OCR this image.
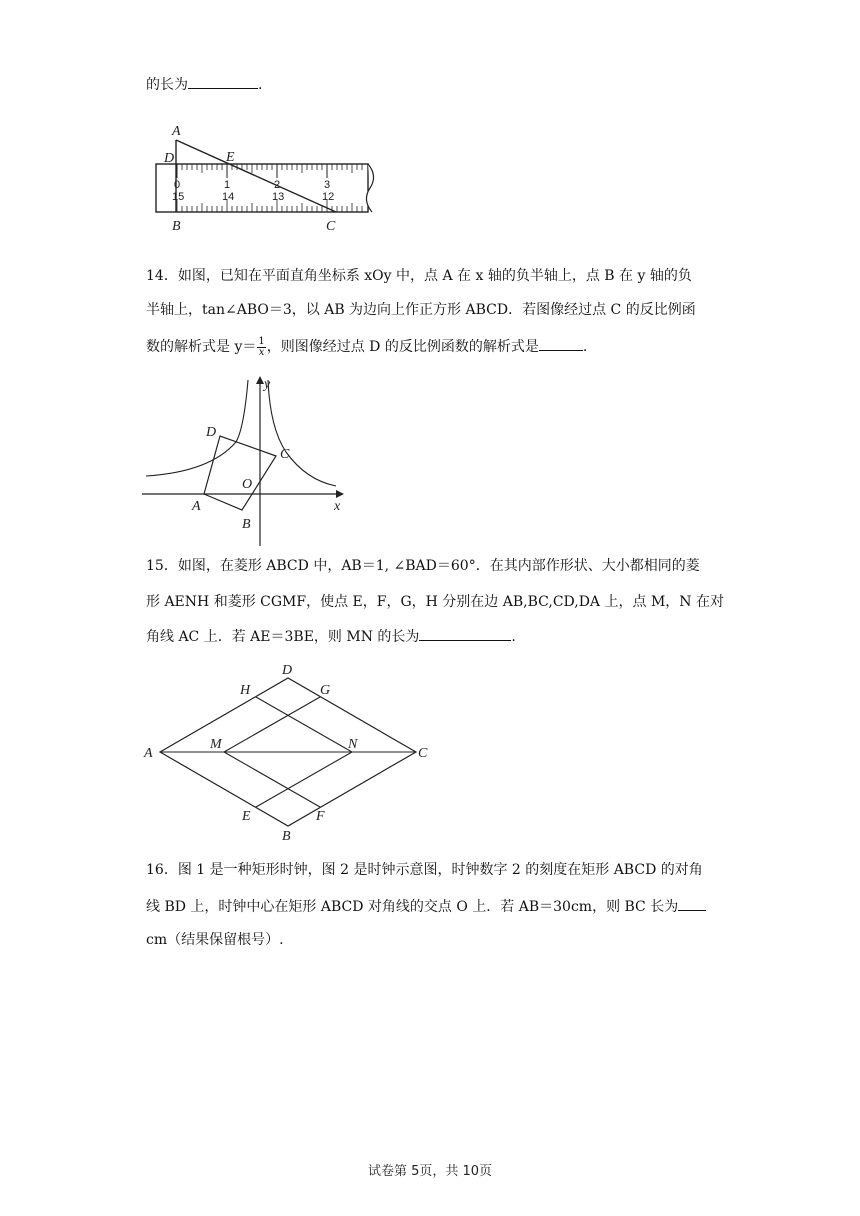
的长为	.
A
D	E
B	C
0	1	2	3
15	14	13	12
14．如图，已知在平面直角坐标系 xOy 中，点 A 在 x 轴的负半轴上，点 B 在 y 轴的负
半轴上，tan∠ABO＝3，以 AB 为边向上作正方形 ABCD．若图像经过点 C 的反比例函
数的解析式是 $y= \frac{1}{x}$ ，则图像经过点 D 的反比例函数的解析式是	.
y
x
D
C
O
A
B
15．如图，在菱形 ABCD 中，AB＝1, ∠BAD＝60°．在其内部作形状、大小都相同的菱
形 AENH 和菱形 CGMF，使点 E，F，G，H 分别在边 AB,BC,CD,DA 上，点 M，N 在对
角线 AC 上．若 AE＝3BE，则 MN 的长为	.
D
H	G
A
M	N
C
E	F
B
16．图 1 是一种矩形时钟，图 2 是时钟示意图，时钟数字 2 的刻度在矩形 ABCD 的对角
线 BD 上，时钟中心在矩形 ABCD 对角线的交点 O 上．若 AB＝30cm，则 BC 长为
cm（结果保留根号）.
试卷第 5页，共 10页
